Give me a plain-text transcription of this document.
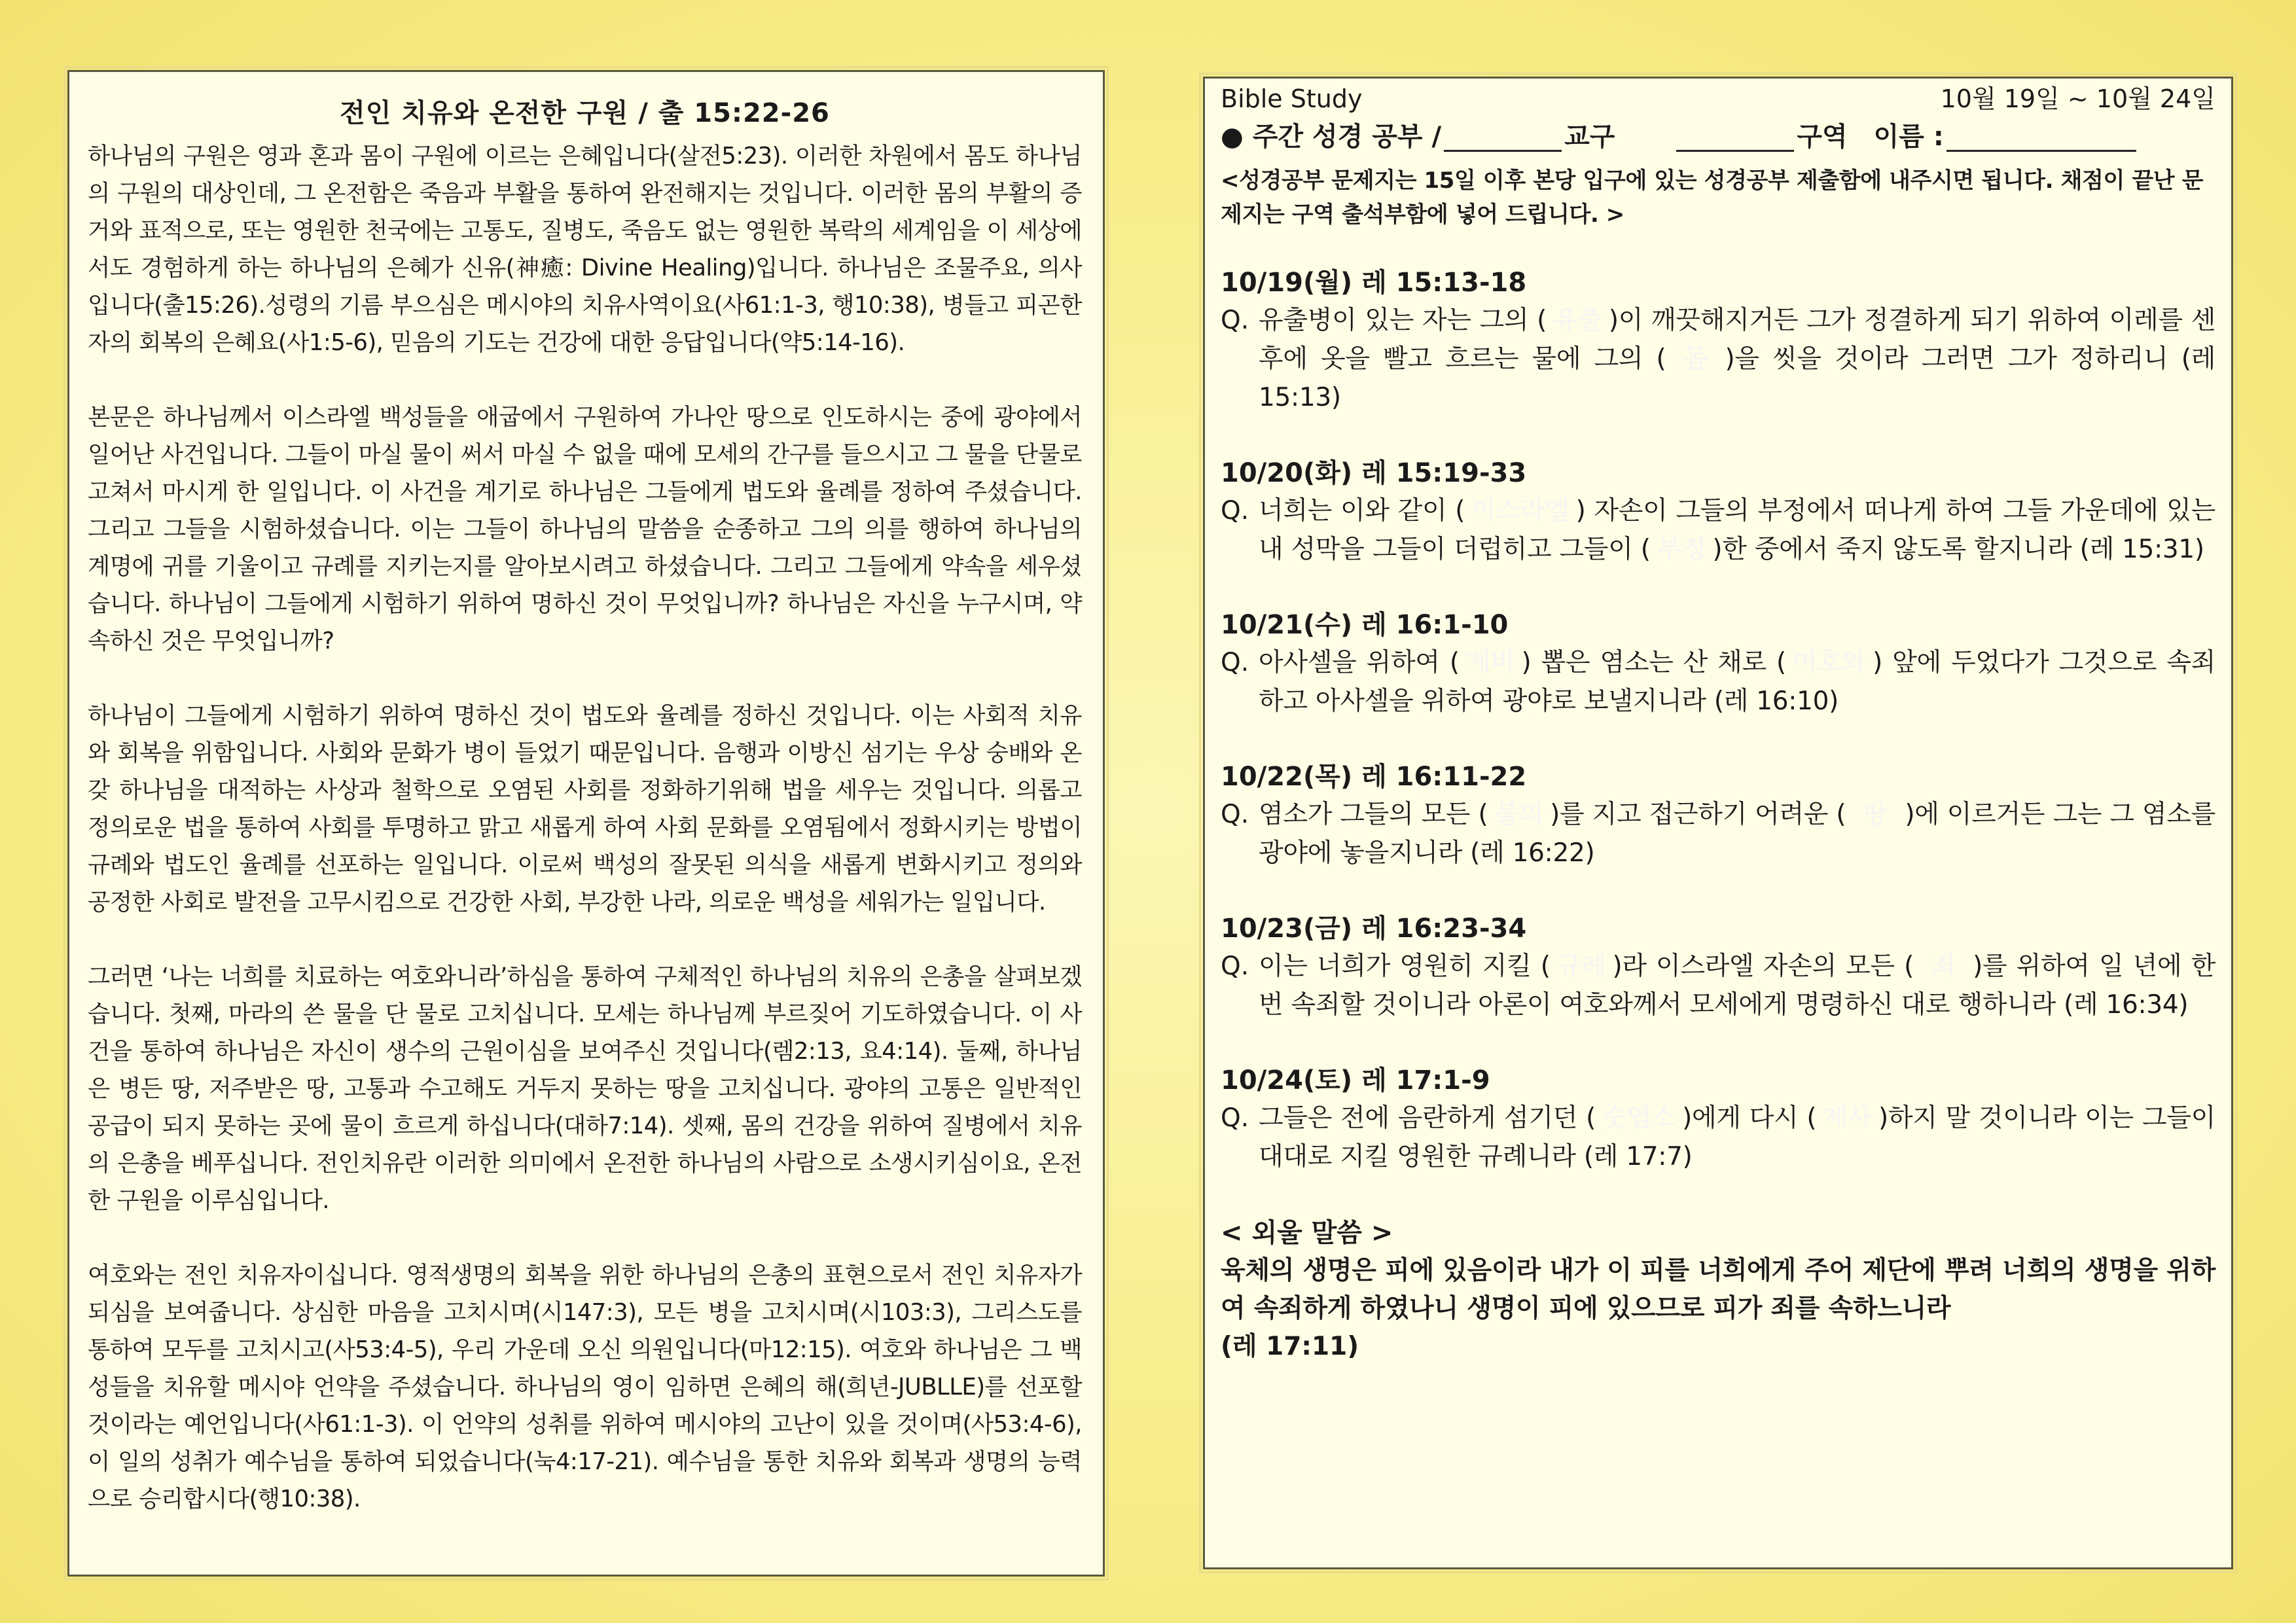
전인 치유와 온전한 구원 / 출 15:22-26

하나님의 구원은 영과 혼과 몸이 구원에 이르는 은혜입니다(살전5:23). 이러한 차원에서 몸도 하나님의 구원의 대상인데, 그 온전함은 죽음과 부활을 통하여 완전해지는 것입니다. 이러한 몸의 부활의 증거와 표적으로, 또는 영원한 천국에는 고통도, 질병도, 죽음도 없는 영원한 복락의 세계임을 이 세상에서도 경험하게 하는 하나님의 은혜가 신유(神癒: Divine Healing)입니다. 하나님은 조물주요, 의사입니다(출15:26).성령의 기름 부으심은 메시야의 치유사역이요(사61:1-3, 행10:38), 병들고 피곤한 자의 회복의 은혜요(사1:5-6), 믿음의 기도는 건강에 대한 응답입니다(약5:14-16).

본문은 하나님께서 이스라엘 백성들을 애굽에서 구원하여 가나안 땅으로 인도하시는 중에 광야에서 일어난 사건입니다. 그들이 마실 물이 써서 마실 수 없을 때에 모세의 간구를 들으시고 그 물을 단물로 고쳐서 마시게 한 일입니다. 이 사건을 계기로 하나님은 그들에게 법도와 율례를 정하여 주셨습니다. 그리고 그들을 시험하셨습니다. 이는 그들이 하나님의 말씀을 순종하고 그의 의를 행하여 하나님의 계명에 귀를 기울이고 규례를 지키는지를 알아보시려고 하셨습니다. 그리고 그들에게 약속을 세우셨습니다. 하나님이 그들에게 시험하기 위하여 명하신 것이 무엇입니까? 하나님은 자신을 누구시며, 약속하신 것은 무엇입니까?

하나님이 그들에게 시험하기 위하여 명하신 것이 법도와 율례를 정하신 것입니다. 이는 사회적 치유와 회복을 위함입니다. 사회와 문화가 병이 들었기 때문입니다. 음행과 이방신 섬기는 우상 숭배와 온갖 하나님을 대적하는 사상과 철학으로 오염된 사회를 정화하기위해 법을 세우는 것입니다. 의롭고 정의로운 법을 통하여 사회를 투명하고 맑고 새롭게 하여 사회 문화를 오염됨에서 정화시키는 방법이 규례와 법도인 율례를 선포하는 일입니다. 이로써 백성의 잘못된 의식을 새롭게 변화시키고 정의와 공정한 사회로 발전을 고무시킴으로 건강한 사회, 부강한 나라, 의로운 백성을 세워가는 일입니다.

그러면 ‘나는 너희를 치료하는 여호와니라’하심을 통하여 구체적인 하나님의 치유의 은총을 살펴보겠습니다. 첫째, 마라의 쓴 물을 단 물로 고치십니다. 모세는 하나님께 부르짖어 기도하였습니다. 이 사건을 통하여 하나님은 자신이 생수의 근원이심을 보여주신 것입니다(렘2:13, 요4:14). 둘째, 하나님은 병든 땅, 저주받은 땅, 고통과 수고해도 거두지 못하는 땅을 고치십니다. 광야의 고통은 일반적인 공급이 되지 못하는 곳에 물이 흐르게 하십니다(대하7:14). 셋째, 몸의 건강을 위하여 질병에서 치유의 은총을 베푸십니다. 전인치유란 이러한 의미에서 온전한 하나님의 사람으로 소생시키심이요, 온전한 구원을 이루심입니다.

여호와는 전인 치유자이십니다. 영적생명의 회복을 위한 하나님의 은총의 표현으로서 전인 치유자가 되심을 보여줍니다. 상심한 마음을 고치시며(시147:3), 모든 병을 고치시며(시103:3), 그리스도를 통하여 모두를 고치시고(사53:4-5), 우리 가운데 오신 의원입니다(마12:15). 여호와 하나님은 그 백성들을 치유할 메시야 언약을 주셨습니다. 하나님의 영이 임하면 은혜의 해(희년-JUBLLE)를 선포할 것이라는 예언입니다(사61:1-3). 이 언약의 성취를 위하여 메시야의 고난이 있을 것이며(사53:4-6), 이 일의 성취가 예수님을 통하여 되었습니다(눅4:17-21). 예수님을 통한 치유와 회복과 생명의 능력으로 승리합시다(행10:38).

Bible Study	10월 19일 ~ 10월 24일
● 주간 성경 공부 /	교구	구역 이름 :
<성경공부 문제지는 15일 이후 본당 입구에 있는 성경공부 제출함에 내주시면 됩니다. 채점이 끝난 문제지는 구역 출석부함에 넣어 드립니다. >
10/19(월) 레 15:13-18
Q. 유출병이 있는 자는 그의 ( 유출 )이 깨끗해지거든 그가 정결하게 되기 위하여 이레를 센 후에 옷을 빨고 흐르는 물에 그의 ( 몸 )을 씻을 것이라 그러면 그가 정하리니 (레 15:13)
10/20(화) 레 15:19-33
Q. 너희는 이와 같이 ( 이스라엘 ) 자손이 그들의 부정에서 떠나게 하여 그들 가운데에 있는 내 성막을 그들이 더럽히고 그들이 ( 부정 )한 중에서 죽지 않도록 할지니라 (레 15:31)
10/21(수) 레 16:1-10
Q. 아사셀을 위하여 ( 제비 ) 뽑은 염소는 산 채로 ( 여호와 ) 앞에 두었다가 그것으로 속죄하고 아사셀을 위하여 광야로 보낼지니라 (레 16:10)
10/22(목) 레 16:11-22
Q. 염소가 그들의 모든 ( 불의 )를 지고 접근하기 어려운 ( 땅 )에 이르거든 그는 그 염소를 광야에 놓을지니라 (레 16:22)
10/23(금) 레 16:23-34
Q. 이는 너희가 영원히 지킬 ( 규례 )라 이스라엘 자손의 모든 ( 죄 )를 위하여 일 년에 한 번 속죄할 것이니라 아론이 여호와께서 모세에게 명령하신 대로 행하니라 (레 16:34)
10/24(토) 레 17:1-9
Q. 그들은 전에 음란하게 섬기던 ( 숫염소 )에게 다시 ( 제사 )하지 말 것이니라 이는 그들이 대대로 지킬 영원한 규례니라 (레 17:7)
< 외울 말씀 >
육체의 생명은 피에 있음이라 내가 이 피를 너희에게 주어 제단에 뿌려 너희의 생명을 위하여 속죄하게 하였나니 생명이 피에 있으므로 피가 죄를 속하느니라
(레 17:11)
